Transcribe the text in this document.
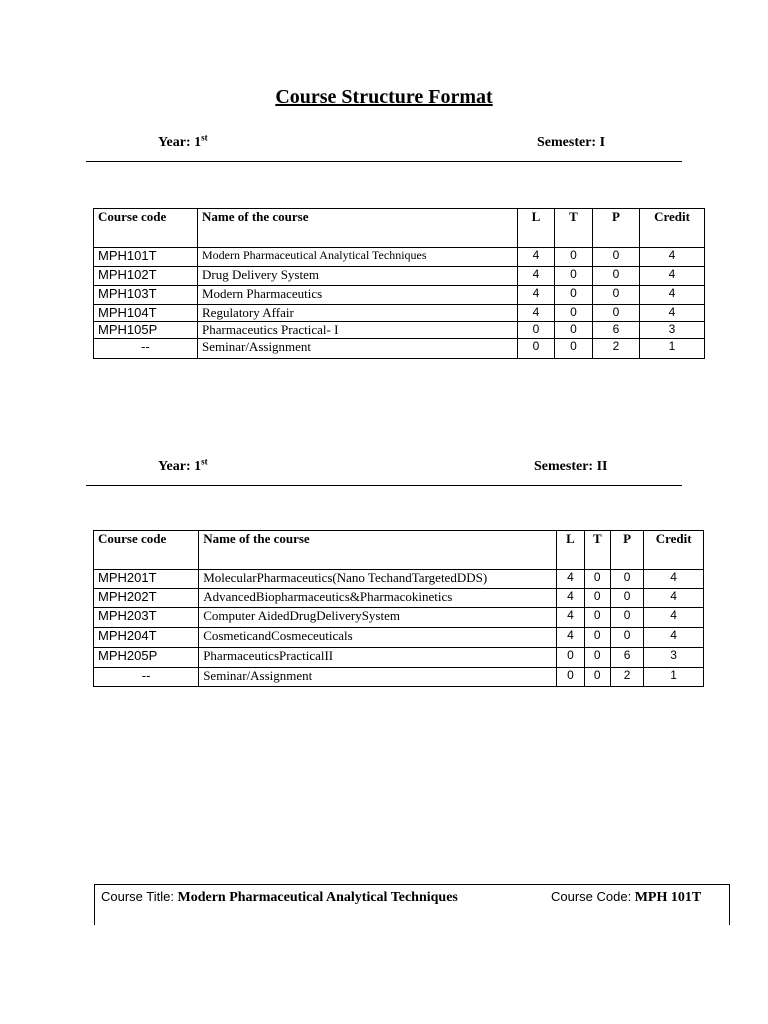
Course Structure Format
Year: 1st	Semester: I
Course code	Name of the course	L	T	P	Credit
MPH101T	Modern Pharmaceutical Analytical Techniques	4	0	0	4
MPH102T	Drug Delivery System	4	0	0	4
MPH103T	Modern Pharmaceutics	4	0	0	4
MPH104T	Regulatory Affair	4	0	0	4
MPH105P	Pharmaceutics Practical- I	0	0	6	3
--	Seminar/Assignment	0	0	2	1
Year: 1st	Semester: II
Course code	Name of the course	L	T	P	Credit
MPH201T	MolecularPharmaceutics(Nano TechandTargetedDDS)	4	0	0	4
MPH202T	AdvancedBiopharmaceutics&Pharmacokinetics	4	0	0	4
MPH203T	Computer AidedDrugDeliverySystem	4	0	0	4
MPH204T	CosmeticandCosmeceuticals	4	0	0	4
MPH205P	PharmaceuticsPracticalII	0	0	6	3
--	Seminar/Assignment	0	0	2	1
Course Title: Modern Pharmaceutical Analytical Techniques	Course Code: MPH 101T
